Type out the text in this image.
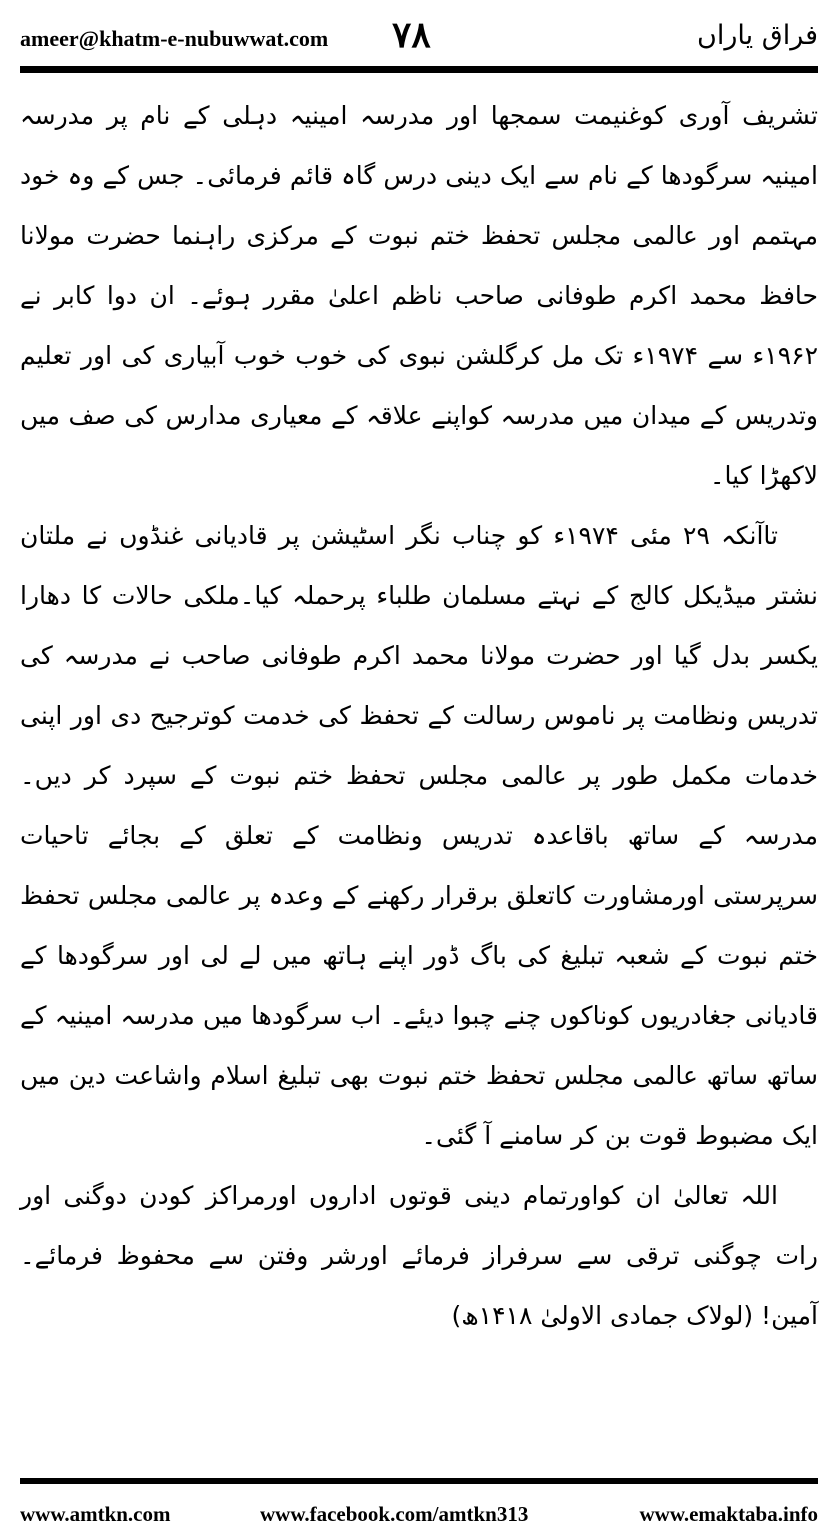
ameer@khatm-e-nubuwwat.com ۷۸	فراق یاراں

تشریف آوری کوغنیمت سمجھا اور مدرسہ امینیہ دہلی کے نام پر مدرسہ امینیہ سرگودھا کے نام سے ایک دینی درس گاہ قائم فرمائی۔ جس کے وہ خود مہتمم اور عالمی مجلس تحفظ ختم نبوت کے مرکزی راہنما حضرت مولانا حافظ محمد اکرم طوفانی صاحب ناظم اعلیٰ مقرر ہوئے۔ ان دوا کابر نے ۱۹۶۲ء سے ۱۹۷۴ء تک مل کرگلشن نبوی کی خوب خوب آبیاری کی اور تعلیم وتدریس کے میدان میں مدرسہ کواپنے علاقہ کے معیاری مدارس کی صف میں لاکھڑا کیا۔

تاآنکہ ۲۹ مئی ۱۹۷۴ء کو چناب نگر اسٹیشن پر قادیانی غنڈوں نے ملتان نشتر میڈیکل کالج کے نہتے مسلمان طلباء پرحملہ کیا۔ملکی حالات کا دھارا یکسر بدل گیا اور حضرت مولانا محمد اکرم طوفانی صاحب نے مدرسہ کی تدریس ونظامت پر ناموس رسالت کے تحفظ کی خدمت کوترجیح دی اور اپنی خدمات مکمل طور پر عالمی مجلس تحفظ ختم نبوت کے سپرد کر دیں۔ مدرسہ کے ساتھ باقاعدہ تدریس ونظامت کے تعلق کے بجائے تاحیات سرپرستی اورمشاورت کاتعلق برقرار رکھنے کے وعدہ پر عالمی مجلس تحفظ ختم نبوت کے شعبہ تبلیغ کی باگ ڈور اپنے ہاتھ میں لے لی اور سرگودھا کے قادیانی جغادریوں کوناکوں چنے چبوا دیئے۔ اب سرگودھا میں مدرسہ امینیہ کے ساتھ ساتھ عالمی مجلس تحفظ ختم نبوت بھی تبلیغ اسلام واشاعت دین میں ایک مضبوط قوت بن کر سامنے آ گئی۔

اللہ تعالیٰ ان کواورتمام دینی قوتوں اداروں اورمراکز کودن دوگنی اور رات چوگنی ترقی سے سرفراز فرمائے اورشر وفتن سے محفوظ فرمائے۔ آمین! (لولاک جمادی الاولیٰ ۱۴۱۸ھ)

www.amtkn.com	www.facebook.com/amtkn313	www.emaktaba.info
